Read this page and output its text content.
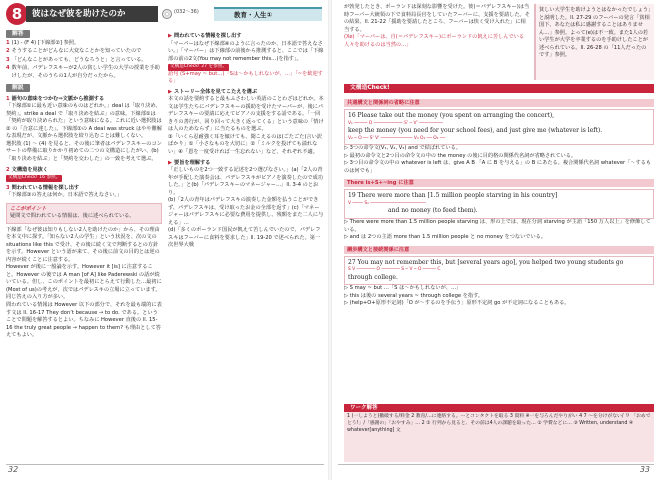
8	彼はなぜ彼を助けたのか	(032〜36)	教育・人生①
解答
1 (1) - (F 4) [下線部②] 参照。
2 そうすることがどんなに大変なことかを知っていたので
3 「どんなことがあっても、どうなろうと」と言っている。
4 数年前、パデレフスキーが2人の貧しい学生の大学の授業を手助けしたが、そのうちの1人が自分だったから。
解説
1 語句の意味をつかむ⇒文脈から推測する

「下線部①に最も近い意味のものはどれか。」deal は「取り決め、契約」。strike a deal で「取り決めを結ぶ」の意味。下線部①は「契約が取り決められた」という意味になる。これに近い選択肢は ② の「合意に達した」。下線部①の A deal was struck はやや難解な表現だが、文脈から選択肢を絞り込むことは難しくない。

選択肢 (1) 〜 (4) を見ると、その後に筆者はパデレフスキーのコンサートの準備に取りかかり初めての二つの文構造にしたがい、(b)「取り決めを結ぶ」と「契約を交わした」の一致を考えて選ぶ。

2 文構造を見抜く

文構造Check! 16 参照。

3 問われている情報を探し出す

「下線部③の答えは何か。日本語で答えなさい。」

ここがポイント
疑問文で問われている情報は、後に述べられている。

下線部「なぜ彼は知りもしない2人を助けたのか」から、その理由を本文中に探す。「知らない2人の学生」という状況を、次の文の situations like this で受け、その後に続く文で判断するとの方針を示す。However という語が来て、その後に前文の目的とは逆の内容が続くことに注意する。

However が後に一般論を示す。However it [is] に注意すること。However の後では A man [of A] like Paderewski の話が続いている。但し、このポイントを最初にとらえて行動した…最初に(Most of us)の考えが、次ではパデレスキの立場に立っています。同じ答えの入り方が多い。

問われている情報は However 以下の部分で、それを最も端的に表す文は ll. 16-17 They don’t because → to do. である。ということで問題を解答するとよい。ちなみに However 直後の ll. 15-16 the truly great people → happen to them? も理由として答えてもよい。

▶ 問われている情報を探し出す

「マーパーはなぜ下線部④のように言ったのか、日本語で答えなさい。」「マーパー」は下線部の前後から推測すると、ここでは「下線部の前の2文(You may not remember this…)を指す」。

文構造Check! 27 を参照。

語句 (S+may ~ but…)「Sは〜かもしれないが、…」「~を歓迎する」

▶ ストーリー全体を見てこたえを選ぶ

本文の話を要約すると最もふさわしい英語のことわざはどれか。本文は学生たちにパデレフスキーの援助を受けたマーパーが、後にパデレフスキーの要請に応えてピアノの支援をする話である。「一回きりの善行が、回り回って大きく返ってくる」という意味の「情けは人のためならず」に当たるものを選ぶ。

③「いくら忍耐強く耳を傾けても、聞こえるのは(ごたごた)言い訳ばかり」①「小さなものを大切に」②「ミルクを投げても溢れない」④「恩を一度受ければ一生忘れない」など、それぞれ不適。

▶ 要旨を理解する

「正しいものを2つ一致する記述を2つ選びなさい。」(a)「2人の青年が手配した演奏会は、パデレフスキがピアノを演奏したので成功した。」と(b)「パデレフスキーのマネージャー…」ll. 3-4 のとおり。

(b)「2人の青年はパデレフスキの演奏した金額を払うことができず、パデレフスキは、受け取ったお金の全部を返す」(c)「マネージャーはパデレフスキに必要な費用を提供し、残額をまた二人に与える」…

(d)「多くのポーランド国民が飢えて苦しんでいたので、パデレフスキはフーバーに食料を要求した」ll. 19-20 で述べられた。第一次世界大戦

32

が勃発したとき、ポーランドは深刻な影響を受けた。彼(＝パデレフスキー)は当時フーバー大統領の下で食料局長官をしていたフーバーに、支援を要請した。その結果、ll. 21-22「援助を要請したところ、フーバーは快く受け入れた」に相当する。

(Xe)「マーパーは、自(＝パデレフスキー)にポーランドの飢えに苦しんでいる人々を助けるのは当然の…」

貧しい大学生を助けようとはなかったでしょう」と説明した。ll. 27-29 のフーバーの発言「貧相国下、あなたは私に感謝することはありません…」参照。よって(e)は不一致。また1人の若い学生が大学を卒業するのを手助けしたことが述べられている。ll. 26-28 の「11人だったのです」参照。
文構造Check!
共通構文と関係詞の省略に注意
16 Please take out the money (you spent on arranging the concert),
V₁ ───── O ─────────── S' ─ V' ─────────
keep the money (you need for your school fees), and just give me (whatever is left).
V₂ ─ O ── S' V' ──────────── V₃ O₁ ── O₂ ──

▷ 3つの命令文(V₁, V₂, V₃) and で結ばれている。

▷ 最初の命令文と2つ目の命令文の中の the money の後に目的格の関係代名詞が省略されている。

▷ 3つ目の命令文の中の whatever is left は、give A B 「A に B を与える」の B にあたる。複合関係代名詞 whatever「〜するものは何でも」

There is+S+~ing に注意
19 There were more than [1.5 million people starving in his country]
V ──── S₁ ─────────────────────
and no money (to feed them).

▷ There were more than 1.5 million people starving は、形の上では、現在分詞 starving が主語「150 万人以上」を修飾している。

▷ and は 2つの主語 more than 1.5 million people と no money をつないでいる。

譲歩構文と接続関係に注意
27 You may not remember this, but [several years ago], you helped two young students go
S V ─────── O ─────── S ─ V ─ O ───── C
through college.

▷ S may ~ but …「S は〜かもしれないが、…」

▷ this は後の several years ~ through college を指す。

▷ (help+O+原形不定詞)「O が〜するのを手伝う」原形不定詞 go が不定詞になることもある。

ワーク解答
1 (一しようと)撤破する/料金 2 教育/…に連絡する。ーとコンタクトを取る 3 資料 ※一を与ろんだやりがい 4 7 ～を分けがない/ ９ 「おめでとう!」/「感謝の」「おやすみ」… 2 ① 行列から見ると、その前は4人の課題を取った… ② 学費などに… ③ Written, understand ④ whatever[anything] 文
33
